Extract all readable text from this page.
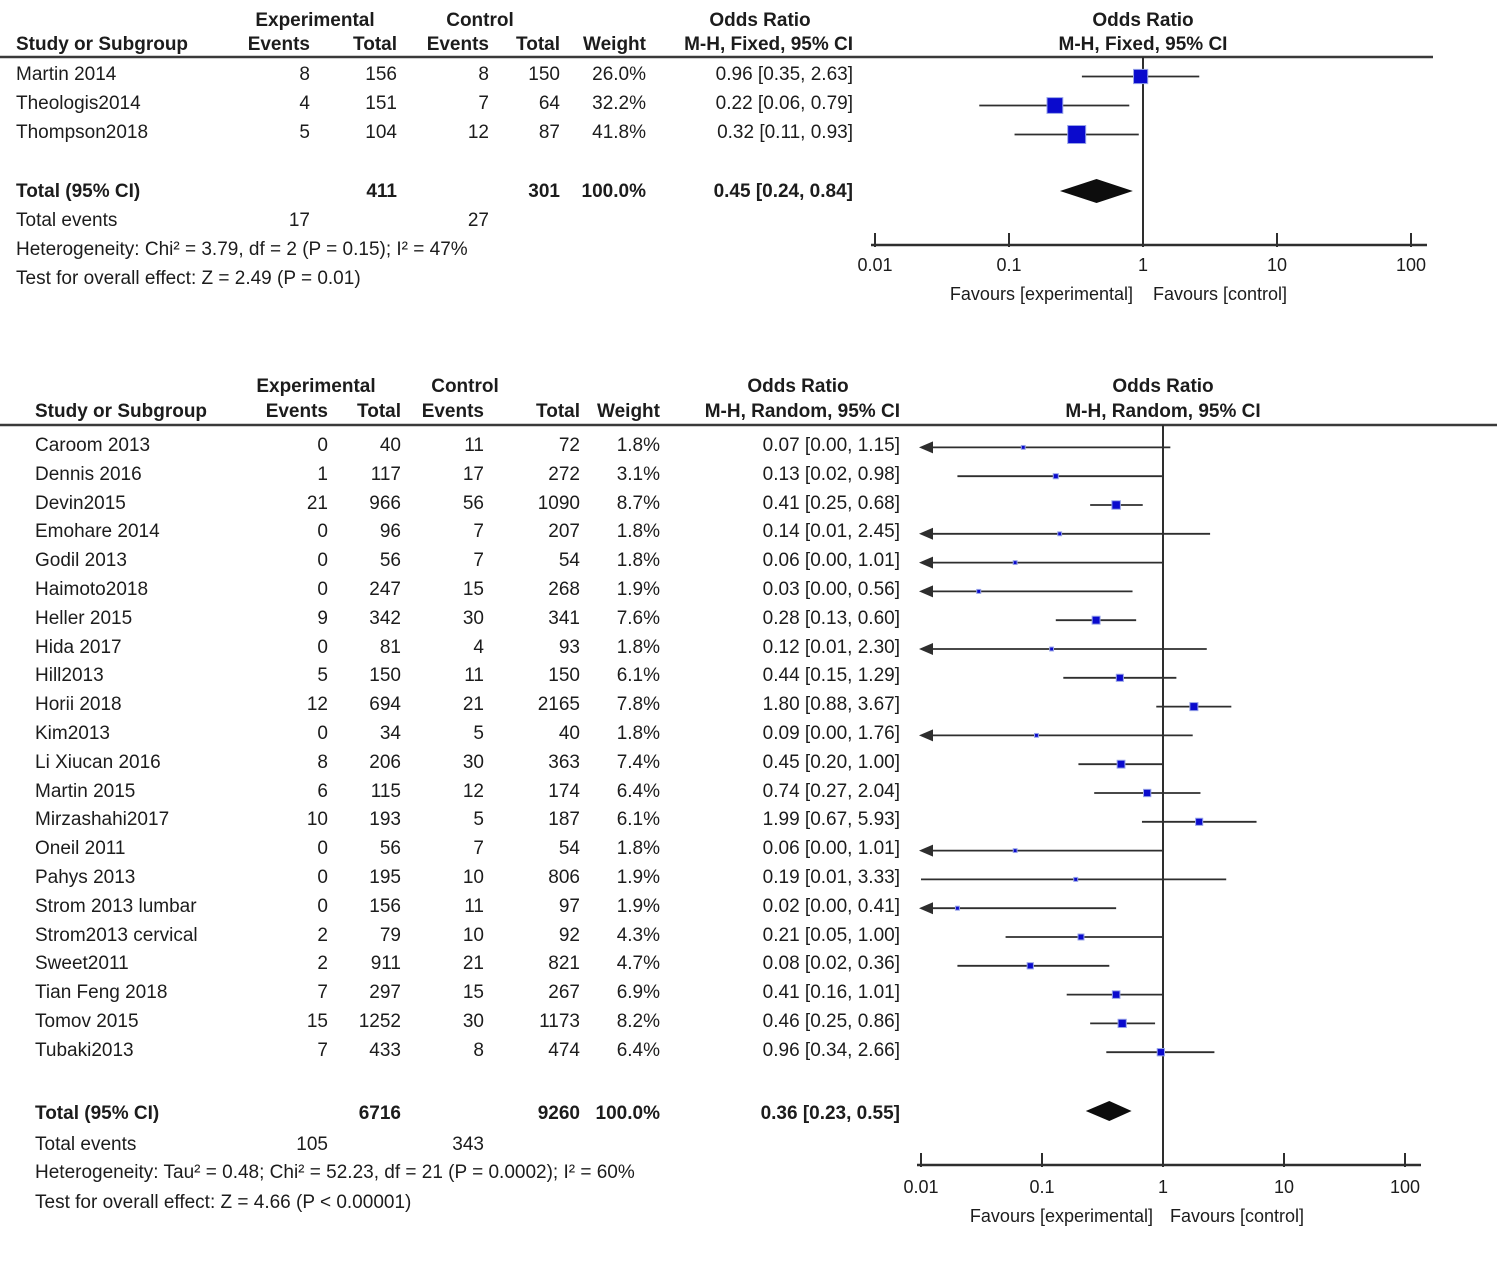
Experimental	Control	Odds Ratio	Odds Ratio
M-H, Fixed, 95% CI
Study or Subgroup	Events	Total	Events	Total	Weight	M-H, Fixed, 95% CI
Martin 2014	8	156	8	150	26.0%	0.96 [0.35, 2.63]
Theologis2014	4	151	7	64	32.2%	0.22 [0.06, 0.79]
Thompson2018	5	104	12	87	41.8%	0.32 [0.11, 0.93]
Total (95% CI)	411	301	100.0%	0.45 [0.24, 0.84]
Total events	17	27
Heterogeneity: Chi² = 3.79, df = 2 (P = 0.15); I² = 47%
Test for overall effect: Z = 2.49 (P = 0.01)
Favours [experimental] Favours [control]
0.01	0.1	1	10	100
Experimental	Control	Odds Ratio	Odds Ratio
M-H, Random, 95% CI
Study or Subgroup	Events	Total	Events	Total Weight	M-H, Random, 95% CI
Caroom 2013	0	40	11	72	1.8%	0.07 [0.00, 1.15]
Dennis 2016	1	117	17	272	3.1%	0.13 [0.02, 0.98]
Devin2015	21	966	56	1090	8.7%	0.41 [0.25, 0.68]
Emohare 2014	0	96	7	207	1.8%	0.14 [0.01, 2.45]
Godil 2013	0	56	7	54	1.8%	0.06 [0.00, 1.01]
Haimoto2018	0	247	15	268	1.9%	0.03 [0.00, 0.56]
Heller 2015	9	342	30	341	7.6%	0.28 [0.13, 0.60]
Hida 2017	0	81	4	93	1.8%	0.12 [0.01, 2.30]
Hill2013	5	150	11	150	6.1%	0.44 [0.15, 1.29]
Horii 2018	12	694	21	2165	7.8%	1.80 [0.88, 3.67]
Kim2013	0	34	5	40	1.8%	0.09 [0.00, 1.76]
Li Xiucan 2016	8	206	30	363	7.4%	0.45 [0.20, 1.00]
Martin 2015	6	115	12	174	6.4%	0.74 [0.27, 2.04]
Mirzashahi2017	10	193	5	187	6.1%	1.99 [0.67, 5.93]
Oneil 2011	0	56	7	54	1.8%	0.06 [0.00, 1.01]
Pahys 2013	0	195	10	806	1.9%	0.19 [0.01, 3.33]
Strom 2013 lumbar	0	156	11	97	1.9%	0.02 [0.00, 0.41]
Strom2013 cervical	2	79	10	92	4.3%	0.21 [0.05, 1.00]
Sweet2011	2	911	21	821	4.7%	0.08 [0.02, 0.36]
Tian Feng 2018	7	297	15	267	6.9%	0.41 [0.16, 1.01]
Tomov 2015	15	1252	30	1173	8.2%	0.46 [0.25, 0.86]
Tubaki2013	7	433	8	474	6.4%	0.96 [0.34, 2.66]
Total (95% CI)	6716	9260 100.0%	0.36 [0.23, 0.55]
Total events	105	343
Heterogeneity: Tau² = 0.48; Chi² = 52.23, df = 21 (P = 0.0002); I² = 60%
Test for overall effect: Z = 4.66 (P < 0.00001)
Favours [experimental] Favours [control]
0.01	0.1	1	10	100
